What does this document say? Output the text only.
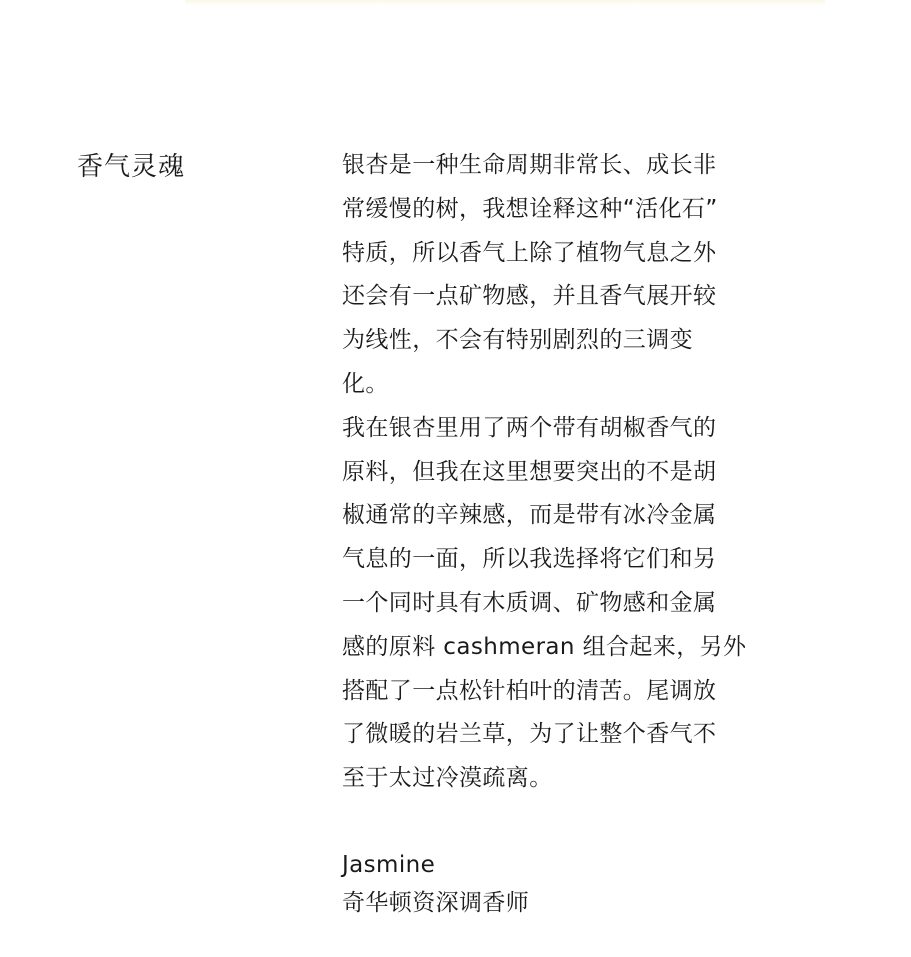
香气灵魂	银杏是一种生命周期非常长、成长非
常缓慢的树，我想诠释这种“活化石”
特质，所以香气上除了植物气息之外
还会有一点矿物感，并且香气展开较
为线性，不会有特别剧烈的三调变
化。

我在银杏里用了两个带有胡椒香气的
原料，但我在这里想要突出的不是胡
椒通常的辛辣感，而是带有冰冷金属
气息的一面，所以我选择将它们和另
一个同时具有木质调、矿物感和金属
感的原料 cashmeran 组合起来，另外
搭配了一点松针柏叶的清苦。尾调放
了微暖的岩兰草，为了让整个香气不
至于太过冷漠疏离。

Jasmine
奇华顿资深调香师
